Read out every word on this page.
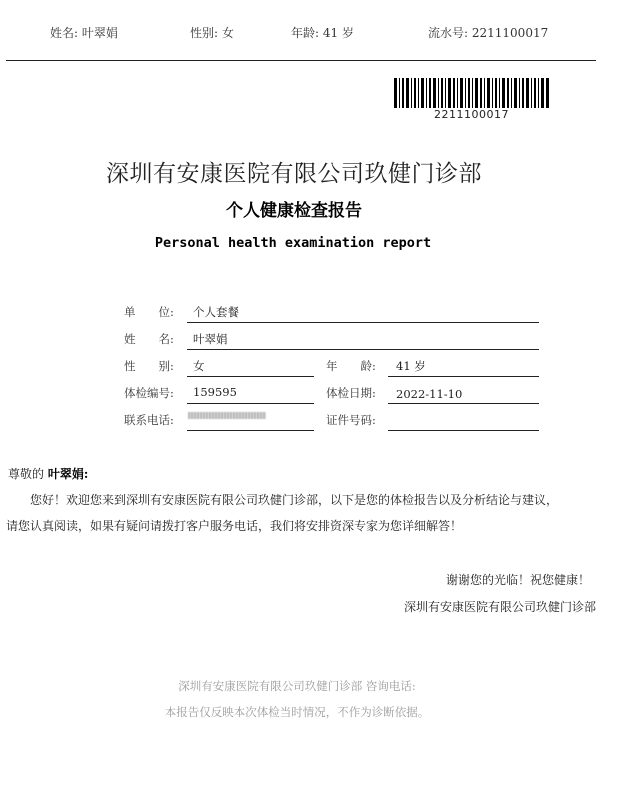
姓名: 叶翠娟	性别: 女	年龄: 41 岁	流水号: 2211100017
2211100017
深圳有安康医院有限公司玖健门诊部
个人健康检查报告
Personal health examination report
单　　位: 个人套餐
姓　　名: 叶翠娟
性　　别: 女	年　　龄: 41 岁
体检编号: 159595	体检日期: 2022-11-10
联系电话:	证件号码:
尊敬的 叶翠娟:
您好！欢迎您来到深圳有安康医院有限公司玖健门诊部，以下是您的体检报告以及分析结论与建议，
请您认真阅读，如果有疑问请拨打客户服务电话，我们将安排资深专家为您详细解答！
谢谢您的光临！祝您健康！
深圳有安康医院有限公司玖健门诊部
深圳有安康医院有限公司玖健门诊部 咨询电话:
本报告仅反映本次体检当时情况，不作为诊断依据。
